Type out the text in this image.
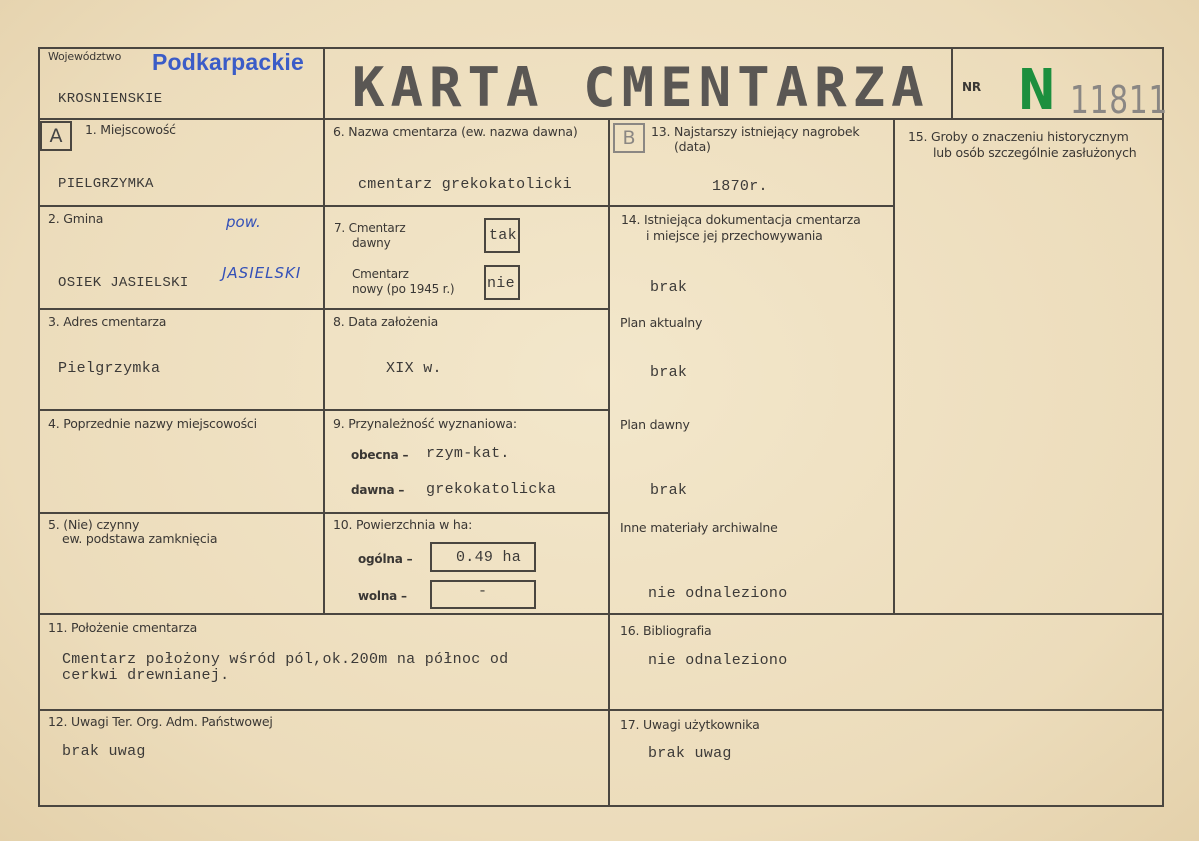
Województwo Podkarpackie
KROSNIENSKIE	KARTA CMENTARZA	NR N 11811
A	B
1. Miejscowość
PIELGRZYMKA
2. Gmina	pow.
OSIEK JASIELSKI
JASIELSKI
3. Adres cmentarza
Pielgrzymka
4. Poprzednie nazwy miejscowości
5. (Nie) czynny
ew. podstawa zamknięcia
6. Nazwa cmentarza (ew. nazwa dawna)
cmentarz grekokatolicki
7. Cmentarz
dawny	tak
Cmentarz
nowy (po 1945 r.) nie
8. Data założenia
XIX w.
9. Przynależność wyznaniowa:
obecna – rzym-kat.
dawna – grekokatolicka
10. Powierzchnia w ha:
ogólna –	0.49 ha
wolna –	-
11. Położenie cmentarza
Cmentarz położony wśród pól,ok.200m na północ od
cerkwi drewnianej.
12. Uwagi Ter. Org. Adm. Państwowej
brak uwag
13. Najstarszy istniejący nagrobek
(data)
1870r.
14. Istniejąca dokumentacja cmentarza
i miejsce jej przechowywania
brak
Plan aktualny
brak
Plan dawny
brak
Inne materiały archiwalne
nie odnaleziono
15. Groby o znaczeniu historycznym
lub osób szczególnie zasłużonych
16. Bibliografia
nie odnaleziono
17. Uwagi użytkownika
brak uwag
